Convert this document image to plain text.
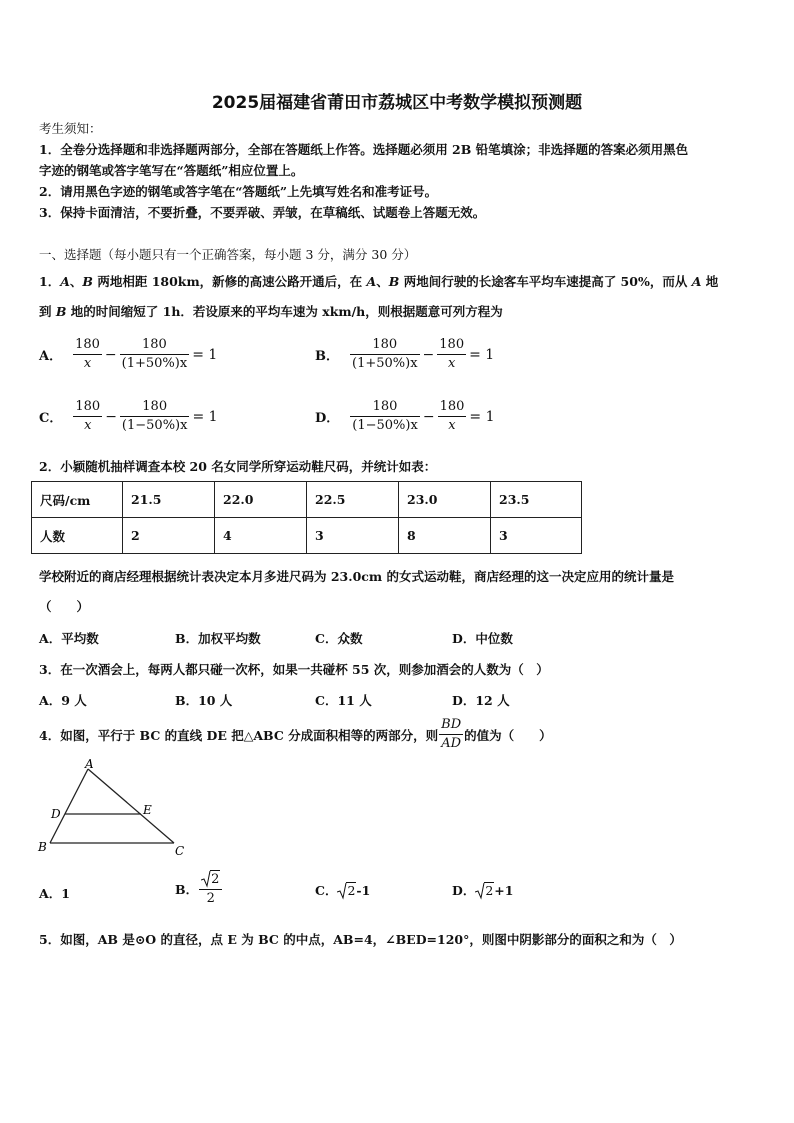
2025届福建省莆田市荔城区中考数学模拟预测题
考生须知：
1．全卷分选择题和非选择题两部分，全部在答题纸上作答。选择题必须用 2B 铅笔填涂；非选择题的答案必须用黑色
字迹的钢笔或答字笔写在“答题纸”相应位置上。
2．请用黑色字迹的钢笔或答字笔在“答题纸”上先填写姓名和准考证号。
3．保持卡面清洁，不要折叠，不要弄破、弄皱，在草稿纸、试题卷上答题无效。
一、选择题（每小题只有一个正确答案，每小题 3 分，满分 30 分）
1．A、B 两地相距 180km，新修的高速公路开通后，在 A、B 两地间行驶的长途客车平均车速提高了 50%，而从 A 地
到 B 地的时间缩短了 1h．若设原来的平均车速为 xkm/h，则根据题意可列方程为
A． $\frac{180}{x} - \frac{180}{(1+50\%)x} = 1$	B． $\frac{180}{(1+50\%)x} - \frac{180}{x} = 1$
C． $\frac{180}{x} - \frac{180}{(1-50\%)x} = 1$	D． $\frac{180}{(1-50\%)x} - \frac{180}{x} = 1$
2．小颖随机抽样调查本校 20 名女同学所穿运动鞋尺码，并统计如表：
尺码/cm	21.5	22.0	22.5	23.0	23.5
人数	2	4	3	8	3
学校附近的商店经理根据统计表决定本月多进尺码为 23.0cm 的女式运动鞋，商店经理的这一决定应用的统计量是
（　　）
A．平均数	B．加权平均数	C．众数	D．中位数
3．在一次酒会上，每两人都只碰一次杯，如果一共碰杯 55 次，则参加酒会的人数为（　）
A．9 人	B．10 人	C．11 人	D．12 人
4．如图，平行于 BC 的直线 DE 把△ABC 分成面积相等的两部分，则 $\frac{BD}{AD}$ 的值为（　　）
A
D	E
B	C
A．1	B． $\frac{2}{2}$	C． 2 -1	D． 2 +1
5．如图，AB 是⊙O 的直径，点 E 为 BC 的中点，AB=4，∠BED=120°，则图中阴影部分的面积之和为（　）
